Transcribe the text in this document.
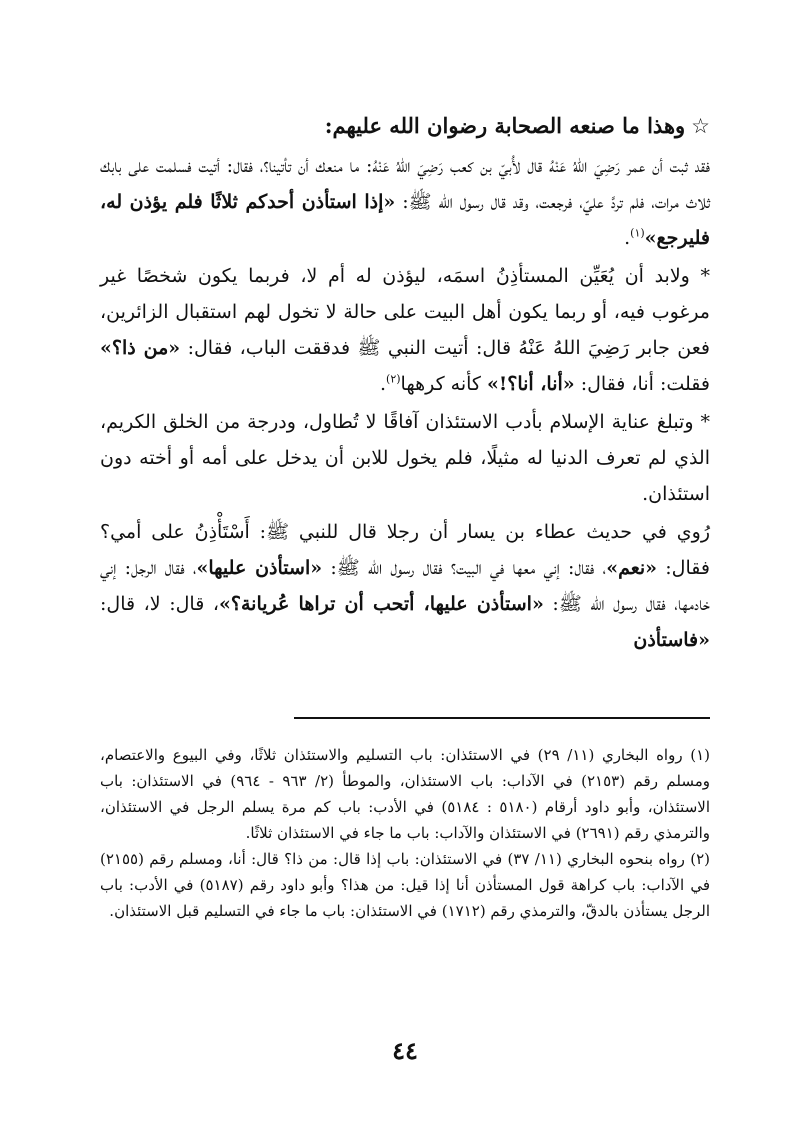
☆وهذا ما صنعه الصحابة رضوان الله عليهم:

فقد ثبت أن عمر رَضِيَ اللهُ عَنْهُ قال لأُبيّ بن كعب رَضِيَ اللهُ عَنْهُ: ما منعك أن تأتينا؟، فقال: أتيت فسلمت على بابك ثلاث مرات، فلم تردَّ عليّ، فرجعت، وقد قال رسول الله ﷺ: «إذا استأذن أحدكم ثلاثًا فلم يؤذن له، فليرجع»$^{(١)}$.

* ولابد أن يُعَيِّن المستأذِنُ اسمَه، ليؤذن له أم لا، فربما يكون شخصًا غير مرغوب فيه، أو ربما يكون أهل البيت على حالة لا تخول لهم استقبال الزائرين، فعن جابر رَضِيَ اللهُ عَنْهُ قال: أتيت النبي ﷺ فدققت الباب، فقال: «من ذا؟» فقلت: أنا، فقال: «أنا، أنا؟!» كأنه كرهها$^{(٢)}$.

* وتبلغ عناية الإسلام بأدب الاستئذان آفاقًا لا تُطاول، ودرجة من الخلق الكريم، الذي لم تعرف الدنيا له مثيلًا، فلم يخول للابن أن يدخل على أمه أو أخته دون استئذان.

رُوي في حديث عطاء بن يسار أن رجلا قال للنبي ﷺ: أَسْتَأْذِنُ على أمي؟ فقال: «نعم»، فقال: إني معها في البيت؟ فقال رسول الله ﷺ: «استأذن عليها»، فقال الرجل: إني خادمها، فقال رسول الله ﷺ: «استأذن عليها، أتحب أن تراها عُريانة؟»، قال: لا، قال: «فاستأذن

(١) رواه البخاري (١١/ ٢٩) في الاستئذان: باب التسليم والاستئذان ثلاثًا، وفي البيوع والاعتصام، ومسلم رقم (٢١٥٣) في الآداب: باب الاستئذان، والموطأ (٢/ ٩٦٣ - ٩٦٤) في الاستئذان: باب الاستئذان، وأبو داود أرقام (٥١٨٠ : ٥١٨٤) في الأدب: باب كم مرة يسلم الرجل في الاستئذان، والترمذي رقم (٢٦٩١) في الاستئذان والآداب: باب ما جاء في الاستئذان ثلاثًا.

(٢) رواه بنحوه البخاري (١١/ ٣٧) في الاستئذان: باب إذا قال: من ذا؟ قال: أنا، ومسلم رقم (٢١٥٥) في الآداب: باب كراهة قول المستأذن أنا إذا قيل: من هذا؟ وأبو داود رقم (٥١٨٧) في الأدب: باب الرجل يستأذن بالدقّ، والترمذي رقم (١٧١٢) في الاستئذان: باب ما جاء في التسليم قبل الاستئذان.

٤٤
